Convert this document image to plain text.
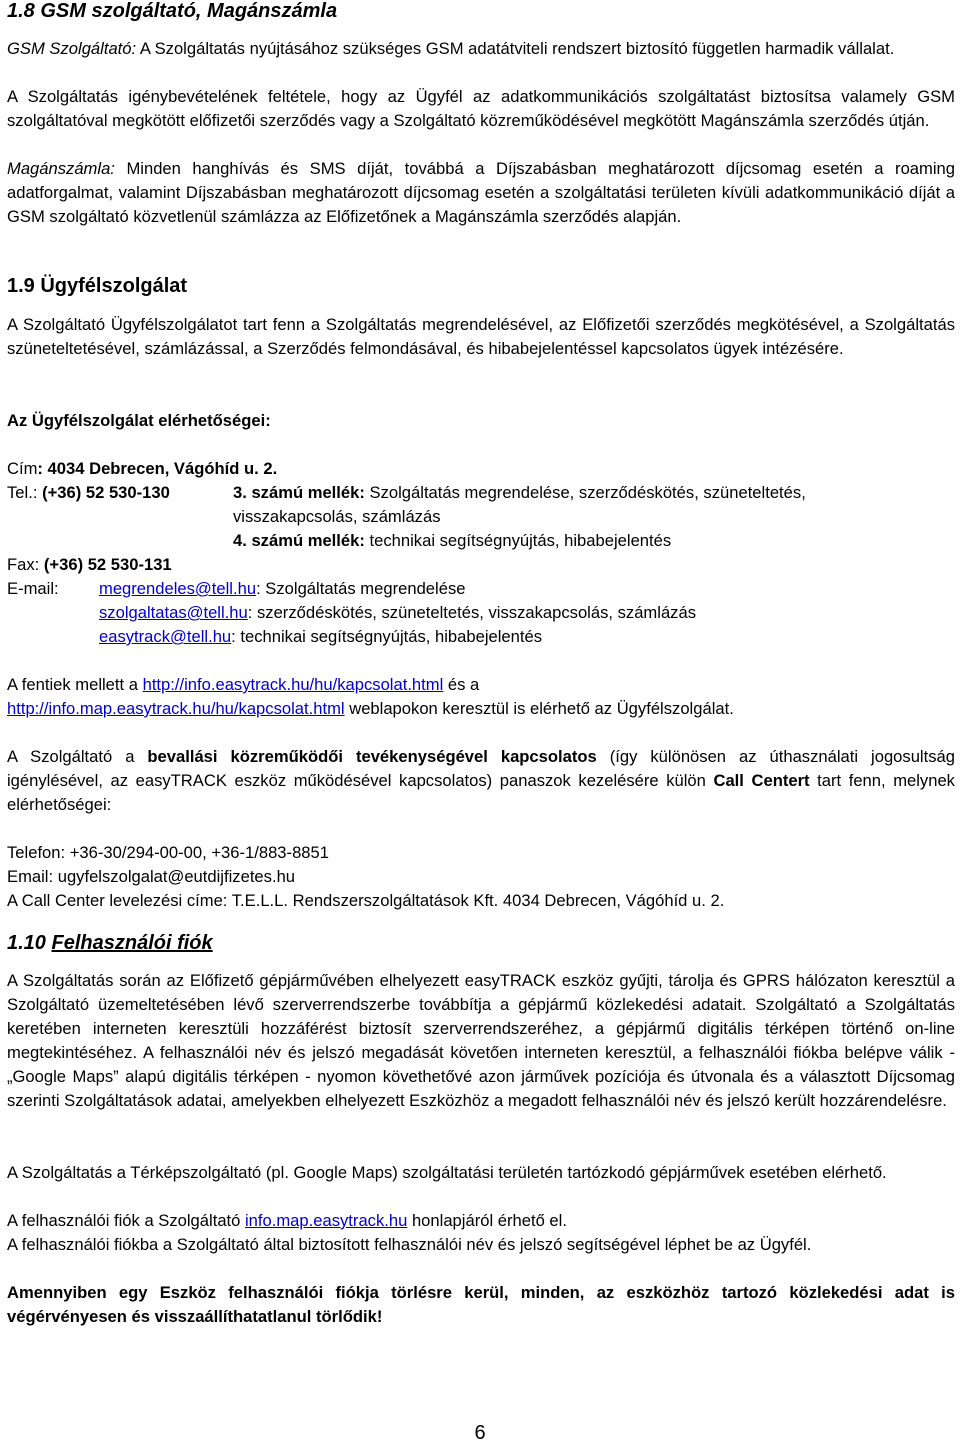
1.8 GSM szolgáltató, Magánszámla

GSM Szolgáltató: A Szolgáltatás nyújtásához szükséges GSM adatátviteli rendszert biztosító független harmadik vállalat.

A Szolgáltatás igénybevételének feltétele, hogy az Ügyfél az adatkommunikációs szolgáltatást biztosítsa valamely GSM szolgáltatóval megkötött előfizetői szerződés vagy a Szolgáltató közreműködésével megkötött Magánszámla szerződés útján.

Magánszámla: Minden hanghívás és SMS díját, továbbá a Díjszabásban meghatározott díjcsomag esetén a roaming adatforgalmat, valamint Díjszabásban meghatározott díjcsomag esetén a szolgáltatási területen kívüli adatkommunikáció díját a GSM szolgáltató közvetlenül számlázza az Előfizetőnek a Magánszámla szerződés alapján.

1.9 Ügyfélszolgálat

A Szolgáltató Ügyfélszolgálatot tart fenn a Szolgáltatás megrendelésével, az Előfizetői szerződés megkötésével, a Szolgáltatás szüneteltetésével, számlázással, a Szerződés felmondásával, és hibabejelentéssel kapcsolatos ügyek intézésére.

Az Ügyfélszolgálat elérhetőségei:
Cím: 4034 Debrecen, Vágóhíd u. 2.
Tel.: (+36) 52 530-130	3. számú mellék: Szolgáltatás megrendelése, szerződéskötés, szüneteltetés,
visszakapcsolás, számlázás
4. számú mellék: technikai segítségnyújtás, hibabejelentés
Fax: (+36) 52 530-131
E-mail: megrendeles@tell.hu: Szolgáltatás megrendelése
szolgaltatas@tell.hu: szerződéskötés, szüneteltetés, visszakapcsolás, számlázás
easytrack@tell.hu: technikai segítségnyújtás, hibabejelentés
A fentiek mellett a http://info.easytrack.hu/hu/kapcsolat.html és a
http://info.map.easytrack.hu/hu/kapcsolat.html weblapokon keresztül is elérhető az Ügyfélszolgálat.

A Szolgáltató a bevallási közreműködői tevékenységével kapcsolatos (így különösen az úthasználati jogosultság igénylésével, az easyTRACK eszköz működésével kapcsolatos) panaszok kezelésére külön Call Centert tart fenn, melynek elérhetőségei:

Telefon: +36-30/294-00-00, +36-1/883-8851
Email: ugyfelszolgalat@eutdijfizetes.hu
A Call Center levelezési címe: T.E.L.L. Rendszerszolgáltatások Kft. 4034 Debrecen, Vágóhíd u. 2.
1.10 Felhasználói fiók

A Szolgáltatás során az Előfizető gépjárművében elhelyezett easyTRACK eszköz gyűjti, tárolja és GPRS hálózaton keresztül a Szolgáltató üzemeltetésében lévő szerverrendszerbe továbbítja a gépjármű közlekedési adatait. Szolgáltató a Szolgáltatás keretében interneten keresztüli hozzáférést biztosít szerverrendszeréhez, a gépjármű digitális térképen történő on-line megtekintéséhez. A felhasználói név és jelszó megadását követően interneten keresztül, a felhasználói fiókba belépve válik - „Google Maps” alapú digitális térképen - nyomon követhetővé azon járművek pozíciója és útvonala és a választott Díjcsomag szerinti Szolgáltatások adatai, amelyekben elhelyezett Eszközhöz a megadott felhasználói név és jelszó került hozzárendelésre.

A Szolgáltatás a Térképszolgáltató (pl. Google Maps) szolgáltatási területén tartózkodó gépjárművek esetében elérhető.

A felhasználói fiók a Szolgáltató info.map.easytrack.hu honlapjáról érhető el.

A felhasználói fiókba a Szolgáltató által biztosított felhasználói név és jelszó segítségével léphet be az Ügyfél.

Amennyiben egy Eszköz felhasználói fiókja törlésre kerül, minden, az eszközhöz tartozó közlekedési adat is végérvényesen és visszaállíthatatlanul törlődik!

6
